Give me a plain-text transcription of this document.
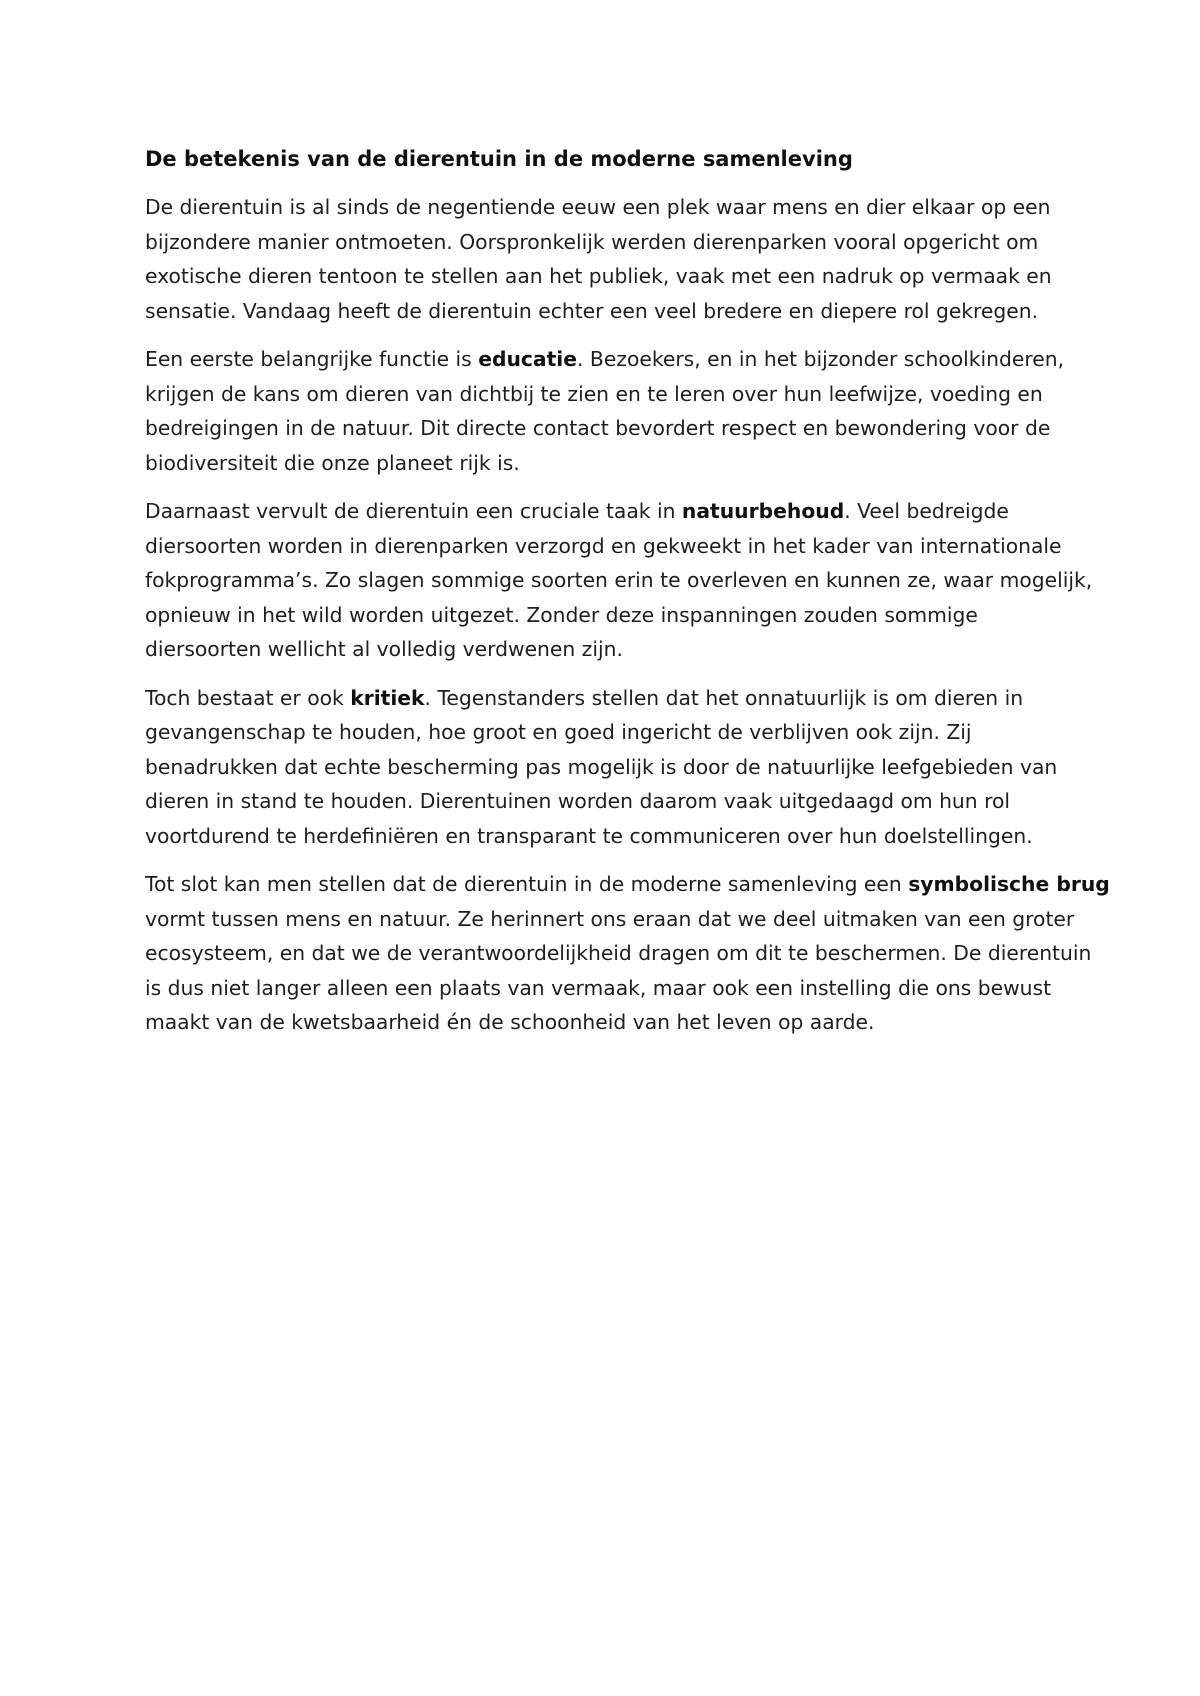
De betekenis van de dierentuin in de moderne samenleving

De dierentuin is al sinds de negentiende eeuw een plek waar mens en dier elkaar op een
bijzondere manier ontmoeten. Oorspronkelijk werden dierenparken vooral opgericht om
exotische dieren tentoon te stellen aan het publiek, vaak met een nadruk op vermaak en
sensatie. Vandaag heeft de dierentuin echter een veel bredere en diepere rol gekregen.

Een eerste belangrijke functie is educatie. Bezoekers, en in het bijzonder schoolkinderen,
krijgen de kans om dieren van dichtbij te zien en te leren over hun leefwijze, voeding en
bedreigingen in de natuur. Dit directe contact bevordert respect en bewondering voor de
biodiversiteit die onze planeet rijk is.

Daarnaast vervult de dierentuin een cruciale taak in natuurbehoud. Veel bedreigde
diersoorten worden in dierenparken verzorgd en gekweekt in het kader van internationale
fokprogramma’s. Zo slagen sommige soorten erin te overleven en kunnen ze, waar mogelijk,
opnieuw in het wild worden uitgezet. Zonder deze inspanningen zouden sommige
diersoorten wellicht al volledig verdwenen zijn.

Toch bestaat er ook kritiek. Tegenstanders stellen dat het onnatuurlijk is om dieren in
gevangenschap te houden, hoe groot en goed ingericht de verblijven ook zijn. Zij
benadrukken dat echte bescherming pas mogelijk is door de natuurlijke leefgebieden van
dieren in stand te houden. Dierentuinen worden daarom vaak uitgedaagd om hun rol
voortdurend te herdefiniëren en transparant te communiceren over hun doelstellingen.

Tot slot kan men stellen dat de dierentuin in de moderne samenleving een symbolische brug
vormt tussen mens en natuur. Ze herinnert ons eraan dat we deel uitmaken van een groter
ecosysteem, en dat we de verantwoordelijkheid dragen om dit te beschermen. De dierentuin
is dus niet langer alleen een plaats van vermaak, maar ook een instelling die ons bewust
maakt van de kwetsbaarheid én de schoonheid van het leven op aarde.
